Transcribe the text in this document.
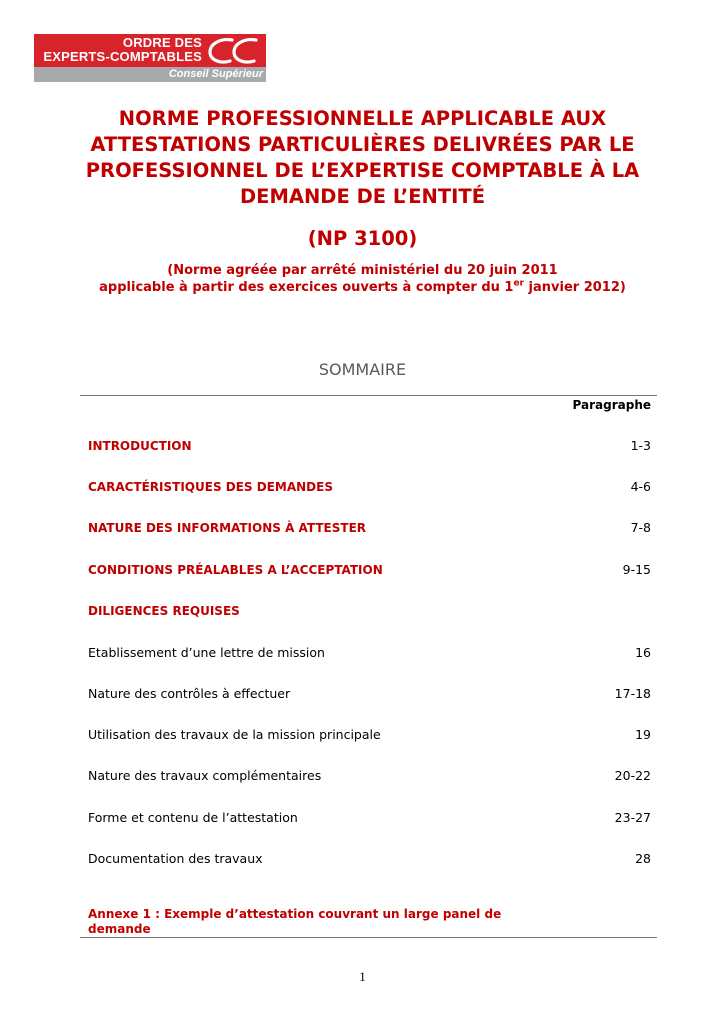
ORDRE DES
EXPERTS-COMPTABLES
Conseil Supérieur
NORME PROFESSIONNELLE APPLICABLE AUX
ATTESTATIONS PARTICULIÈRES DELIVRÉES PAR LE
PROFESSIONNEL DE L’EXPERTISE COMPTABLE À LA
DEMANDE DE L’ENTITÉ
(NP 3100)
(Norme agréée par arrêté ministériel du 20 juin 2011
applicable à partir des exercices ouverts à compter du 1er janvier 2012)
SOMMAIRE
Paragraphe
INTRODUCTION	1-3
CARACTÉRISTIQUES DES DEMANDES	4-6
NATURE DES INFORMATIONS À ATTESTER	7-8
CONDITIONS PRÉALABLES A L’ACCEPTATION	9-15
DILIGENCES REQUISES
Etablissement d’une lettre de mission	16
Nature des contrôles à effectuer	17-18
Utilisation des travaux de la mission principale	19
Nature des travaux complémentaires	20-22
Forme et contenu de l’attestation	23-27
Documentation des travaux	28
Annexe 1 : Exemple d’attestation couvrant un large panel de
demande
1
